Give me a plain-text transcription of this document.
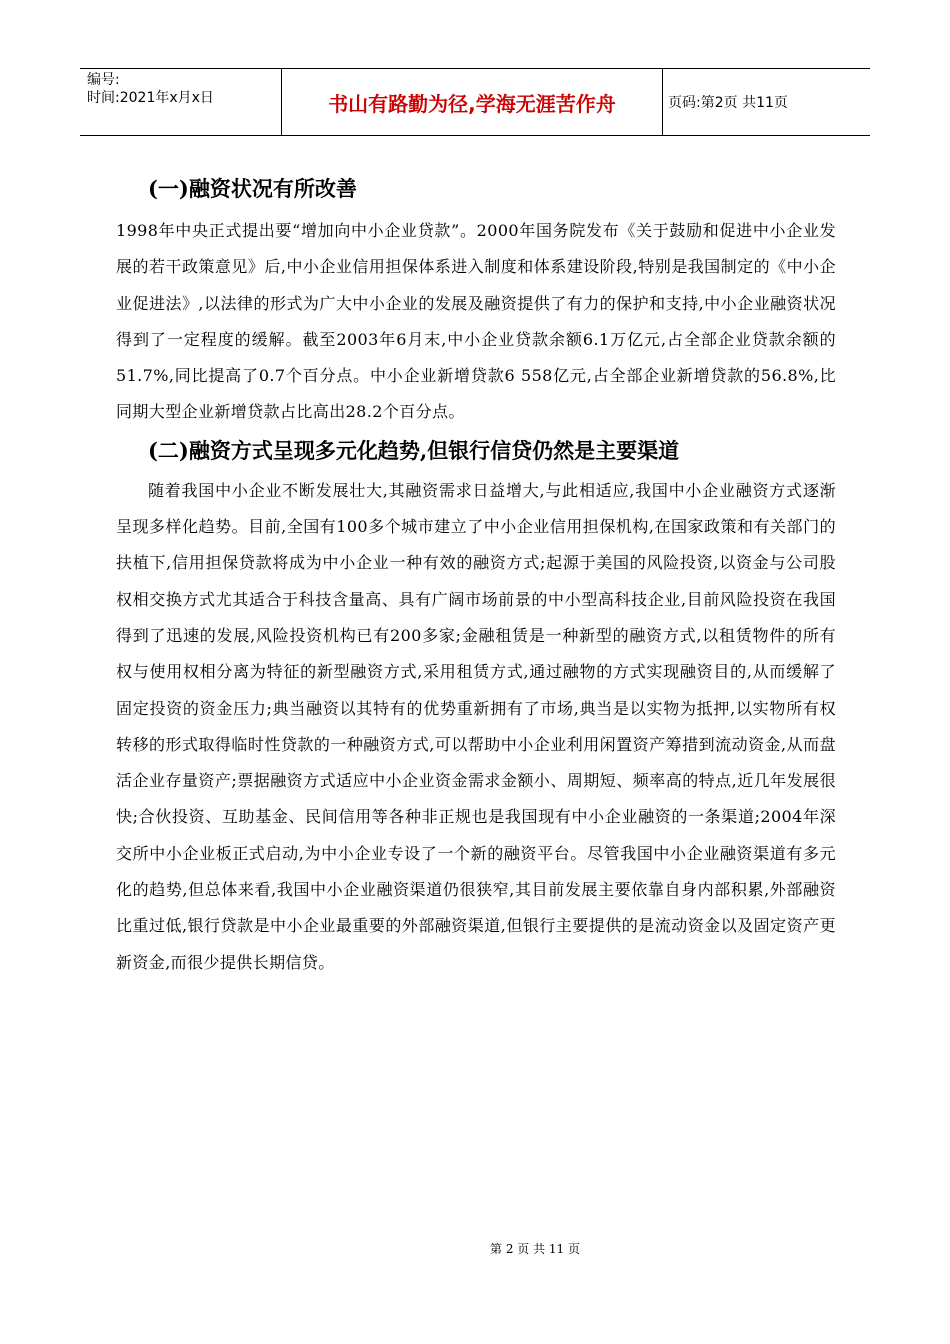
编号:
时间:2021年x月x日	书山有路勤为径,学海无涯苦作舟	页码:第2页 共11页
(一)融资状况有所改善

1998年中央正式提出要“增加向中小企业贷款”。2000年国务院发布《关于鼓励和促进中小企业发展的若干政策意见》后,中小企业信用担保体系进入制度和体系建设阶段,特别是我国制定的《中小企业促进法》,以法律的形式为广大中小企业的发展及融资提供了有力的保护和支持,中小企业融资状况得到了一定程度的缓解。截至2003年6月末,中小企业贷款余额6.1万亿元,占全部企业贷款余额的51.7%,同比提高了0.7个百分点。中小企业新增贷款6 558亿元,占全部企业新增贷款的56.8%,比同期大型企业新增贷款占比高出28.2个百分点。

(二)融资方式呈现多元化趋势,但银行信贷仍然是主要渠道

随着我国中小企业不断发展壮大,其融资需求日益增大,与此相适应,我国中小企业融资方式逐渐呈现多样化趋势。目前,全国有100多个城市建立了中小企业信用担保机构,在国家政策和有关部门的扶植下,信用担保贷款将成为中小企业一种有效的融资方式;起源于美国的风险投资,以资金与公司股权相交换方式尤其适合于科技含量高、具有广阔市场前景的中小型高科技企业,目前风险投资在我国得到了迅速的发展,风险投资机构已有200多家;金融租赁是一种新型的融资方式,以租赁物件的所有权与使用权相分离为特征的新型融资方式,采用租赁方式,通过融物的方式实现融资目的,从而缓解了固定投资的资金压力;典当融资以其特有的优势重新拥有了市场,典当是以实物为抵押,以实物所有权转移的形式取得临时性贷款的一种融资方式,可以帮助中小企业利用闲置资产筹措到流动资金,从而盘活企业存量资产;票据融资方式适应中小企业资金需求金额小、周期短、频率高的特点,近几年发展很快;合伙投资、互助基金、民间信用等各种非正规也是我国现有中小企业融资的一条渠道;2004年深交所中小企业板正式启动,为中小企业专设了一个新的融资平台。尽管我国中小企业融资渠道有多元化的趋势,但总体来看,我国中小企业融资渠道仍很狭窄,其目前发展主要依靠自身内部积累,外部融资比重过低,银行贷款是中小企业最重要的外部融资渠道,但银行主要提供的是流动资金以及固定资产更新资金,而很少提供长期信贷。

第 2 页 共 11 页
